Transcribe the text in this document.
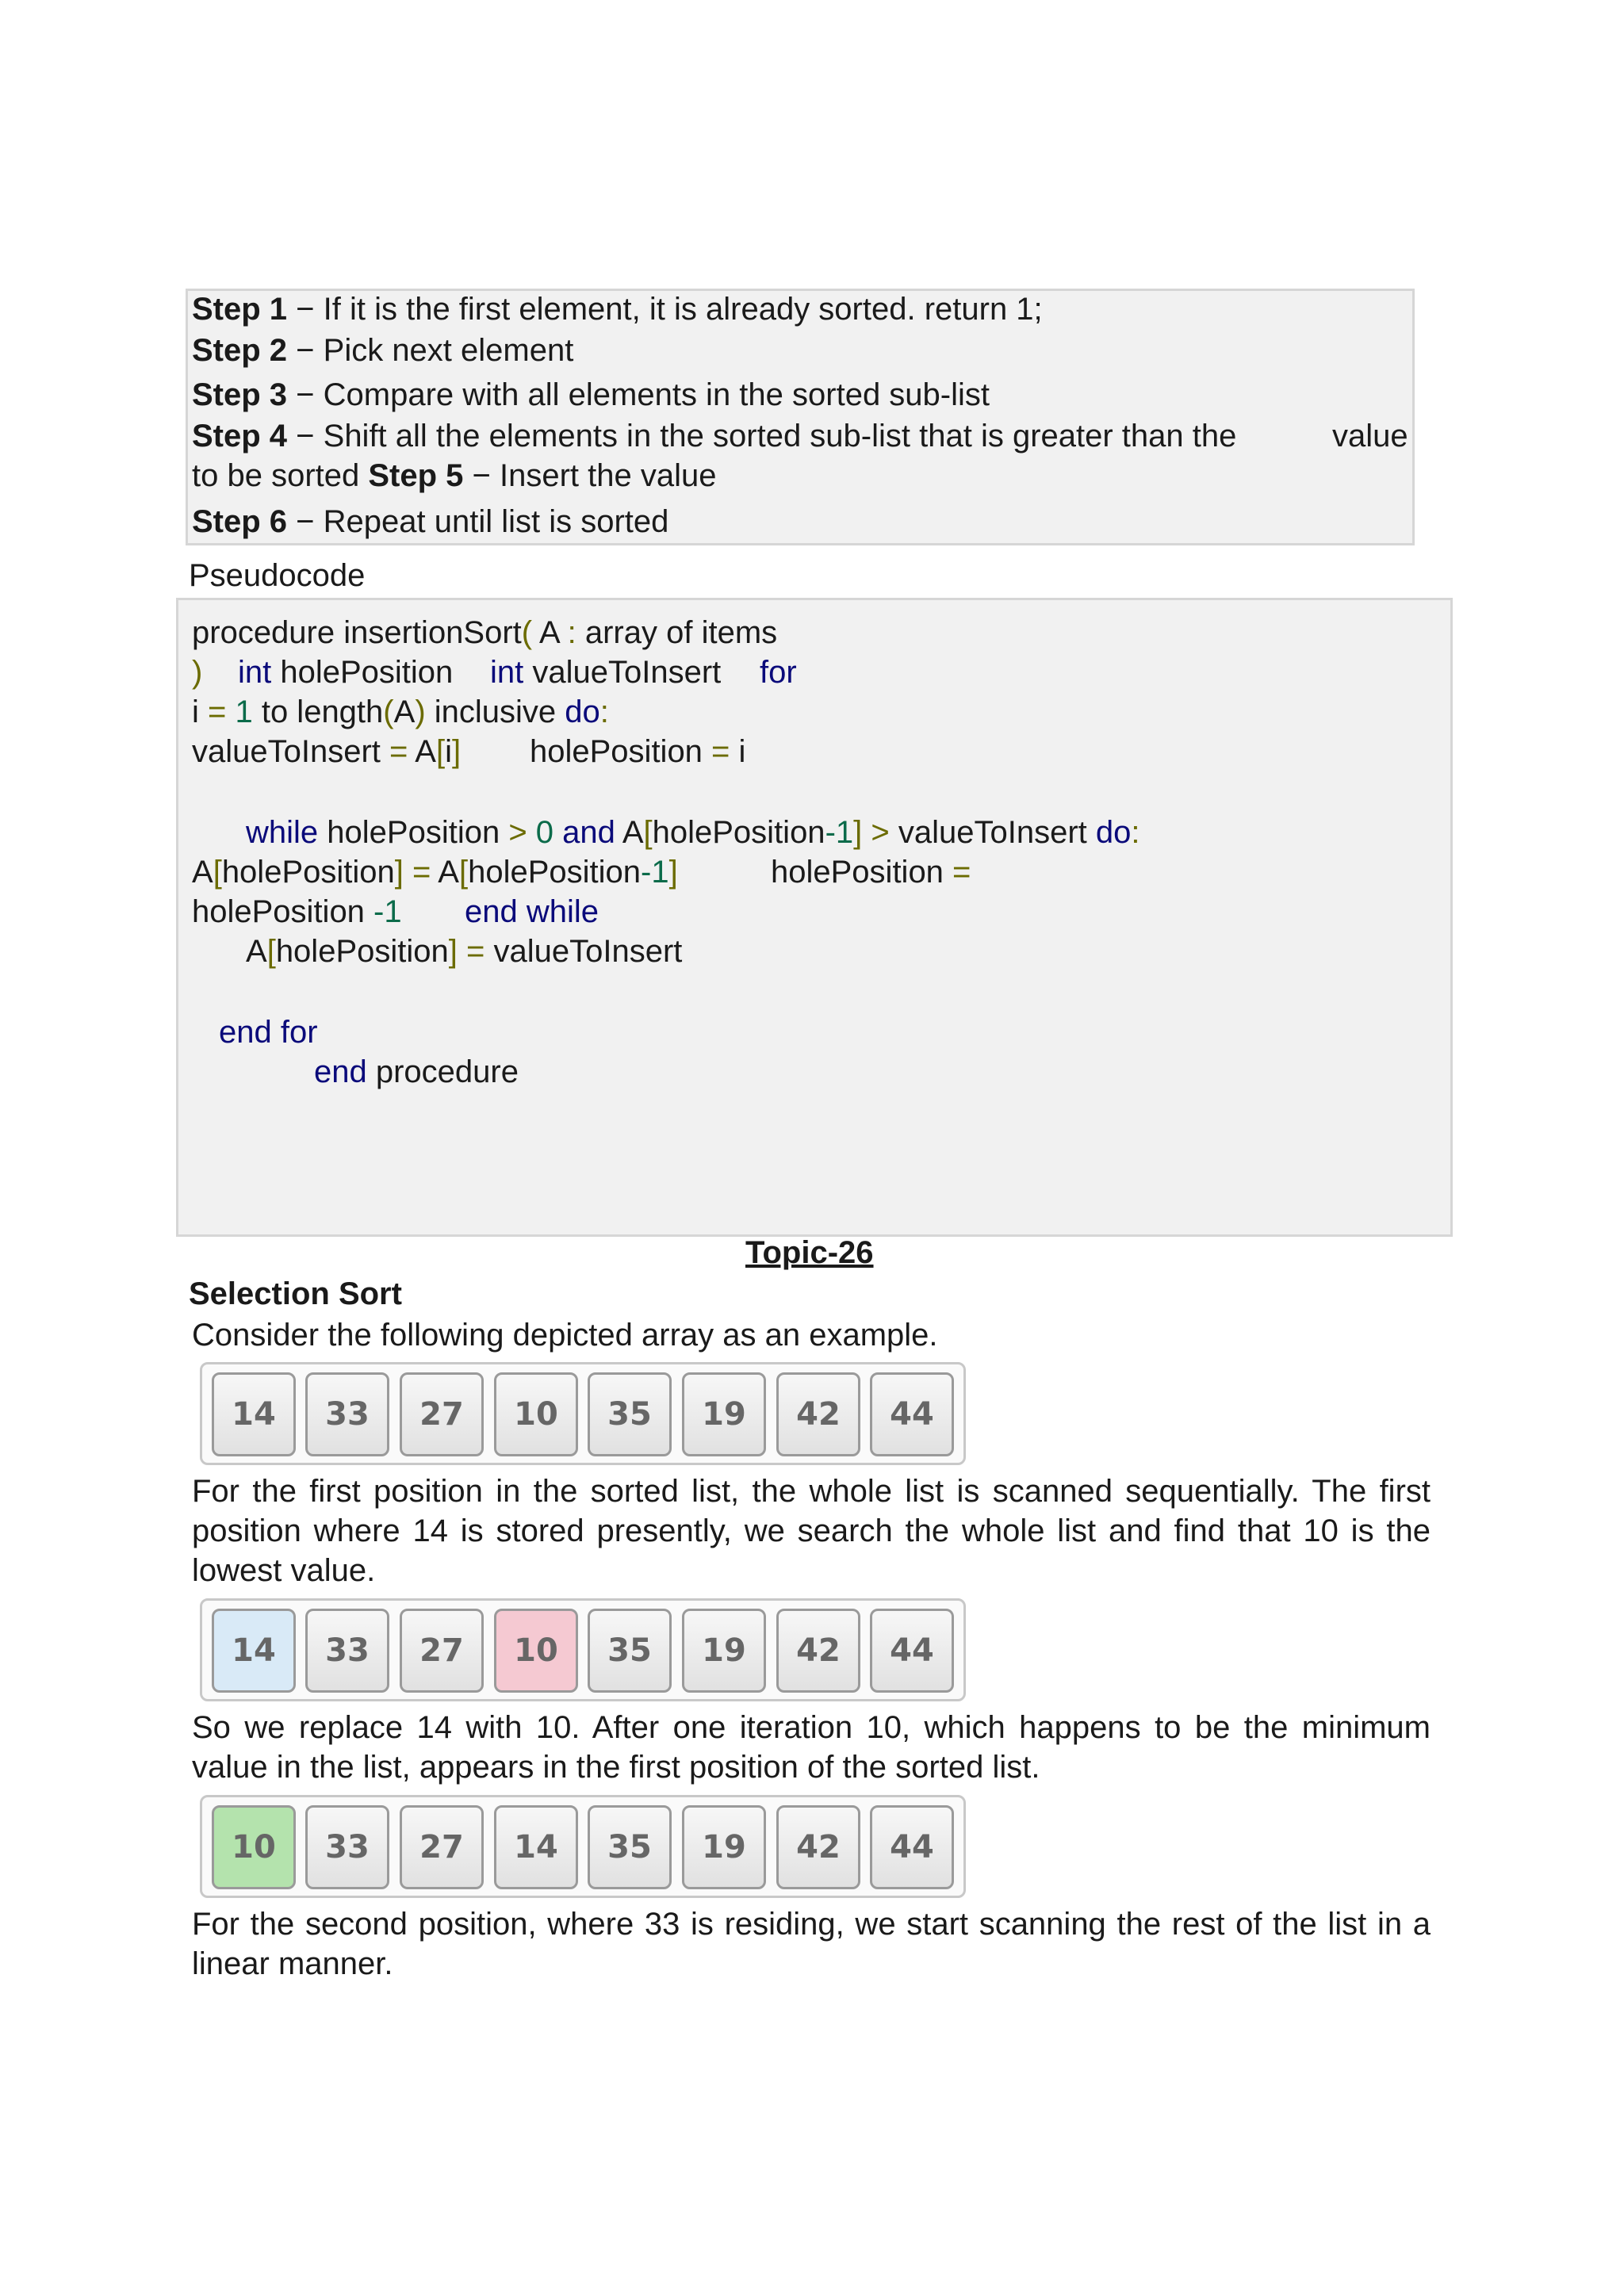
Step 1 − If it is the first element, it is already sorted. return 1;
Step 2 − Pick next element
Step 3 − Compare with all elements in the sorted sub-list
Step 4 − Shift all the elements in the sorted sub-list that is greater than the	value
to be sorted Step 5 − Insert the value
Step 6 − Repeat until list is sorted
Pseudocode
procedure insertionSort( A : array of items
) int holePosition int valueToInsert for
i = 1 to length(A) inclusive do:
valueToInsert = A[i] holePosition = i
while holePosition > 0 and A[holePosition-1] > valueToInsert do:
A[holePosition] = A[holePosition-1]	holePosition =
holePosition -1 end while
A[holePosition] = valueToInsert
end for
end procedure
Topic-26
Selection Sort
Consider the following depicted array as an example.
14 33 27 10 35 19 42 44
For the first position in the sorted list, the whole list is scanned sequentially. The first position where 14 is stored presently, we search the whole list and find that 10 is the lowest value.
14 33 27 10 35 19 42 44
So we replace 14 with 10. After one iteration 10, which happens to be the minimum value in the list, appears in the first position of the sorted list.
10 33 27 14 35 19 42 44
For the second position, where 33 is residing, we start scanning the rest of the list in a linear manner.
